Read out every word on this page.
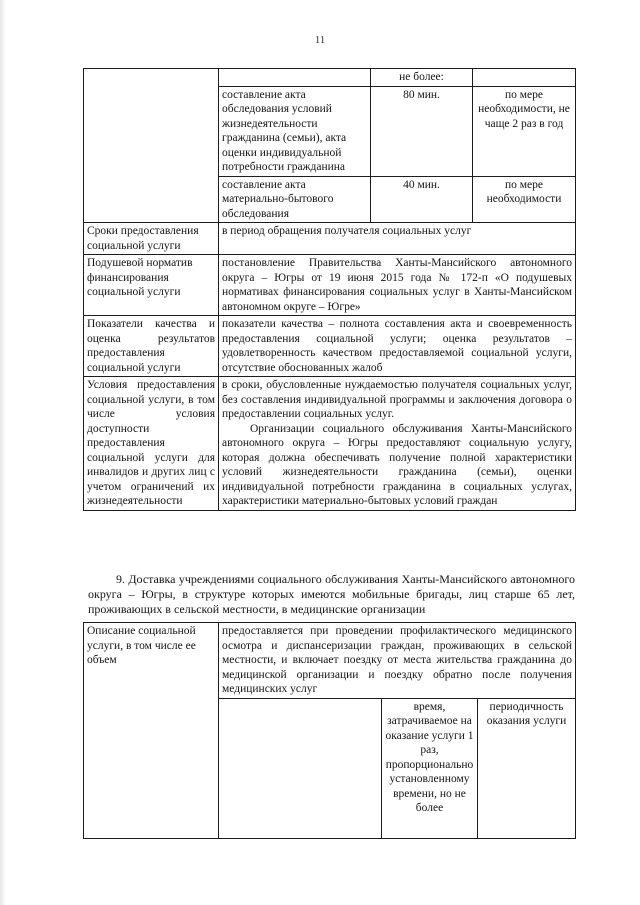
11
		не более:	
	составление акта обследования условий жизнедеятельности гражданина (семьи), акта оценки индивидуальной потребности гражданина	80 мин.	по мере необходимости, не чаще 2 раз в год
	составление акта материально-бытового обследования	40 мин.	по мере необходимости
Сроки предоставления социальной услуги	в период обращения получателя социальных услуг		
Подушевой норматив финансирования социальной услуги	постановление Правительства Ханты-Мансийского автономного округа – Югры от 19 июня 2015 года № 172-п «О подушевых нормативах финансирования социальных услуг в Ханты-Мансийском автономном округе – Югре»		
Показатели качества и оценка результатов предоставления социальной услуги	показатели качества – полнота составления акта и своевременность предоставления социальной услуги; оценка результатов – удовлетворенность качеством предоставляемой социальной услуги, отсутствие обоснованных жалоб		
Условия предоставления социальной услуги, в том числе условия доступности предоставления социальной услуги для инвалидов и других лиц с учетом ограничений их жизнедеятельности	в сроки, обусловленные нуждаемостью получателя социальных услуг, без составления индивидуальной программы и заключения договора о предоставлении социальных услуг.
Организации социального обслуживания Ханты-Мансийского автономного округа – Югры предоставляют социальную услугу, которая должна обеспечивать получение полной характеристики условий жизнедеятельности гражданина (семьи), оценки индивидуальной потребности гражданина в социальных услугах, характеристики материально-бытовых условий граждан		
9. Доставка учреждениями социального обслуживания Ханты-Мансийского автономного округа – Югры, в структуре которых имеются мобильные бригады, лиц старше 65 лет, проживающих в сельской местности, в медицинские организации
Описание социальной услуги, в том числе ее объем	предоставляется при проведении профилактического медицинского осмотра и диспансеризации граждан, проживающих в сельской местности, и включает поездку от места жительства гражданина до медицинской организации и поездку обратно после получения медицинских услуг		
		время, затрачиваемое на оказание услуги 1 раз, пропорционально установленному времени, но не более	периодичность оказания услуги
